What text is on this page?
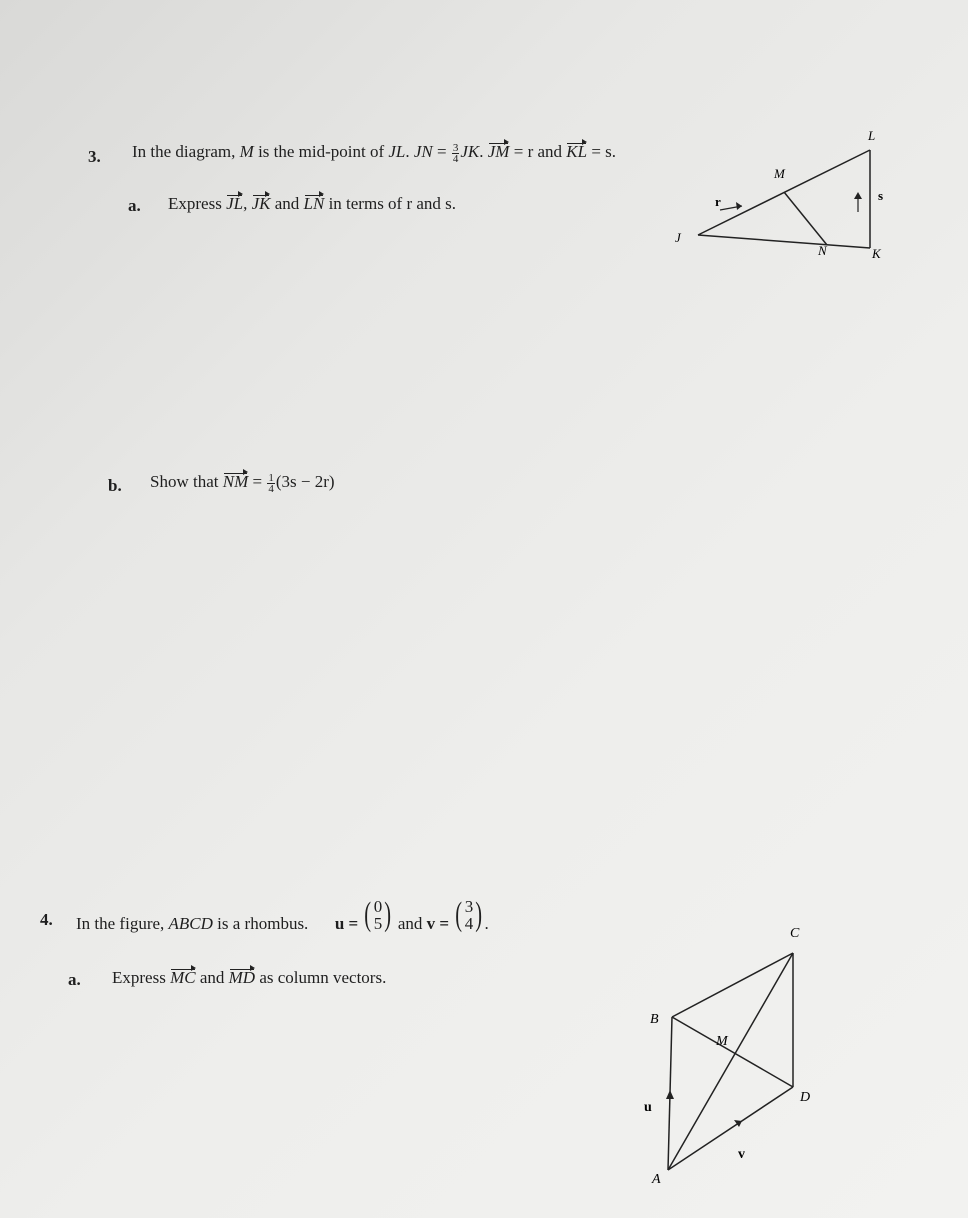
3. In the diagram, M is the mid-point of JL. JN = $\frac{3}{4}$ JK. JM = r and KL = s.
a. Express JL, JK and LN in terms of r and s.
L
M
J
N	K
r	s
b. Show that NM = $\frac{1}{4} (3s - 2r)$
4. In the figure, ABCD is a rhombus. u = ( 0
5 ) and v = ( 3
4 ) .
a. Express MC and MD as column vectors.
A
B
C
D
M
u
v
